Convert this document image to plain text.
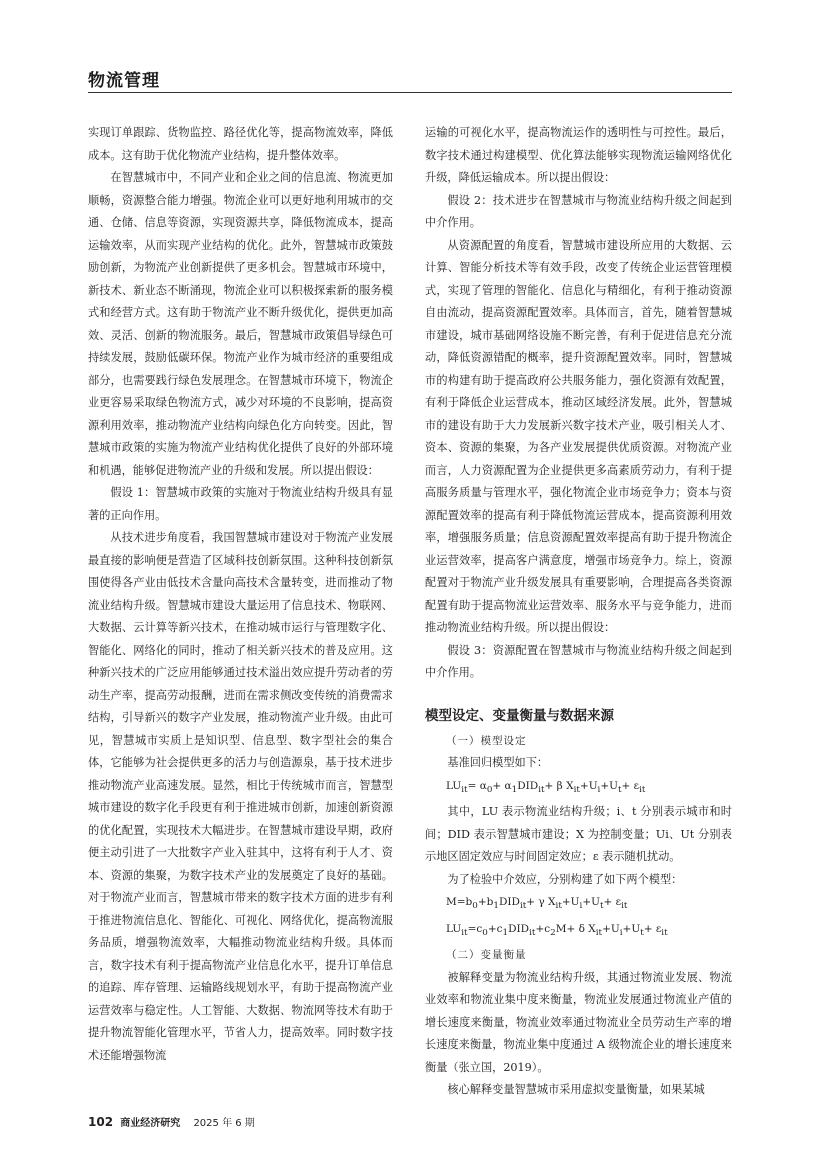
物流管理

实现订单跟踪、货物监控、路径优化等，提高物流效率，降低成本。这有助于优化物流产业结构，提升整体效率。

在智慧城市中，不同产业和企业之间的信息流、物流更加顺畅，资源整合能力增强。物流企业可以更好地利用城市的交通、仓储、信息等资源，实现资源共享，降低物流成本，提高运输效率，从而实现产业结构的优化。此外，智慧城市政策鼓励创新，为物流产业创新提供了更多机会。智慧城市环境中，新技术、新业态不断涌现，物流企业可以积极探索新的服务模式和经营方式。这有助于物流产业不断升级优化，提供更加高效、灵活、创新的物流服务。最后，智慧城市政策倡导绿色可持续发展，鼓励低碳环保。物流产业作为城市经济的重要组成部分，也需要践行绿色发展理念。在智慧城市环境下，物流企业更容易采取绿色物流方式，减少对环境的不良影响，提高资源利用效率，推动物流产业结构向绿色化方向转变。因此，智慧城市政策的实施为物流产业结构优化提供了良好的外部环境和机遇，能够促进物流产业的升级和发展。所以提出假设：

假设 1：智慧城市政策的实施对于物流业结构升级具有显著的正向作用。

从技术进步角度看，我国智慧城市建设对于物流产业发展最直接的影响便是营造了区域科技创新氛围。这种科技创新氛围使得各产业由低技术含量向高技术含量转变，进而推动了物流业结构升级。智慧城市建设大量运用了信息技术、物联网、大数据、云计算等新兴技术，在推动城市运行与管理数字化、智能化、网络化的同时，推动了相关新兴技术的普及应用。这种新兴技术的广泛应用能够通过技术溢出效应提升劳动者的劳动生产率，提高劳动报酬，进而在需求侧改变传统的消费需求结构，引导新兴的数字产业发展，推动物流产业升级。由此可见，智慧城市实质上是知识型、信息型、数字型社会的集合体，它能够为社会提供更多的活力与创造源泉，基于技术进步推动物流产业高速发展。显然，相比于传统城市而言，智慧型城市建设的数字化手段更有利于推进城市创新，加速创新资源的优化配置，实现技术大幅进步。在智慧城市建设早期，政府便主动引进了一大批数字产业入驻其中，这将有利于人才、资本、资源的集聚，为数字技术产业的发展奠定了良好的基础。对于物流产业而言，智慧城市带来的数字技术方面的进步有利于推进物流信息化、智能化、可视化、网络优化，提高物流服务品质，增强物流效率，大幅推动物流业结构升级。具体而言，数字技术有利于提高物流产业信息化水平，提升订单信息的追踪、库存管理、运输路线规划水平，有助于提高物流产业运营效率与稳定性。人工智能、大数据、物流网等技术有助于提升物流智能化管理水平，节省人力，提高效率。同时数字技术还能增强物流

运输的可视化水平，提高物流运作的透明性与可控性。最后，数字技术通过构建模型、优化算法能够实现物流运输网络优化升级，降低运输成本。所以提出假设：

假设 2：技术进步在智慧城市与物流业结构升级之间起到中介作用。

从资源配置的角度看，智慧城市建设所应用的大数据、云计算、智能分析技术等有效手段，改变了传统企业运营管理模式，实现了管理的智能化、信息化与精细化，有利于推动资源自由流动，提高资源配置效率。具体而言，首先，随着智慧城市建设，城市基础网络设施不断完善，有利于促进信息充分流动，降低资源错配的概率，提升资源配置效率。同时，智慧城市的构建有助于提高政府公共服务能力，强化资源有效配置，有利于降低企业运营成本，推动区域经济发展。此外，智慧城市的建设有助于大力发展新兴数字技术产业，吸引相关人才、资本、资源的集聚，为各产业发展提供优质资源。对物流产业而言，人力资源配置为企业提供更多高素质劳动力，有利于提高服务质量与管理水平，强化物流企业市场竞争力；资本与资源配置效率的提高有利于降低物流运营成本，提高资源利用效率，增强服务质量；信息资源配置效率提高有助于提升物流企业运营效率，提高客户满意度，增强市场竞争力。综上，资源配置对于物流产业升级发展具有重要影响，合理提高各类资源配置有助于提高物流业运营效率、服务水平与竞争能力，进而推动物流业结构升级。所以提出假设：

假设 3：资源配置在智慧城市与物流业结构升级之间起到中介作用。

模型设定、变量衡量与数据来源

（一）模型设定

基准回归模型如下：

$LU_{it}= \alpha_0+ \alpha_1DID_{it}+ \beta$ $X_{it}+U_i+U_t+ \varepsilon_{it}$

其中，LU 表示物流业结构升级；i、t 分别表示城市和时间；DID 表示智慧城市建设；X 为控制变量；Ui、Ut 分别表示地区固定效应与时间固定效应；ε 表示随机扰动。

为了检验中介效应，分别构建了如下两个模型：

$M=b_0+b_1DID_{it}+ \gamma$ $X_{it}+U_i+U_t+ \varepsilon_{it}$

$LU_{it}=c_0+c_1DID_{it}+c_2M+ \delta$ $X_{it}+U_i+U_t+ \varepsilon_{it}$

（二）变量衡量

被解释变量为物流业结构升级，其通过物流业发展、物流业效率和物流业集中度来衡量，物流业发展通过物流业产值的增长速度来衡量，物流业效率通过物流业全员劳动生产率的增长速度来衡量，物流业集中度通过 A 级物流企业的增长速度来衡量（张立国，2019）。

核心解释变量智慧城市采用虚拟变量衡量，如果某城

102 商业经济研究 2025 年 6 期
